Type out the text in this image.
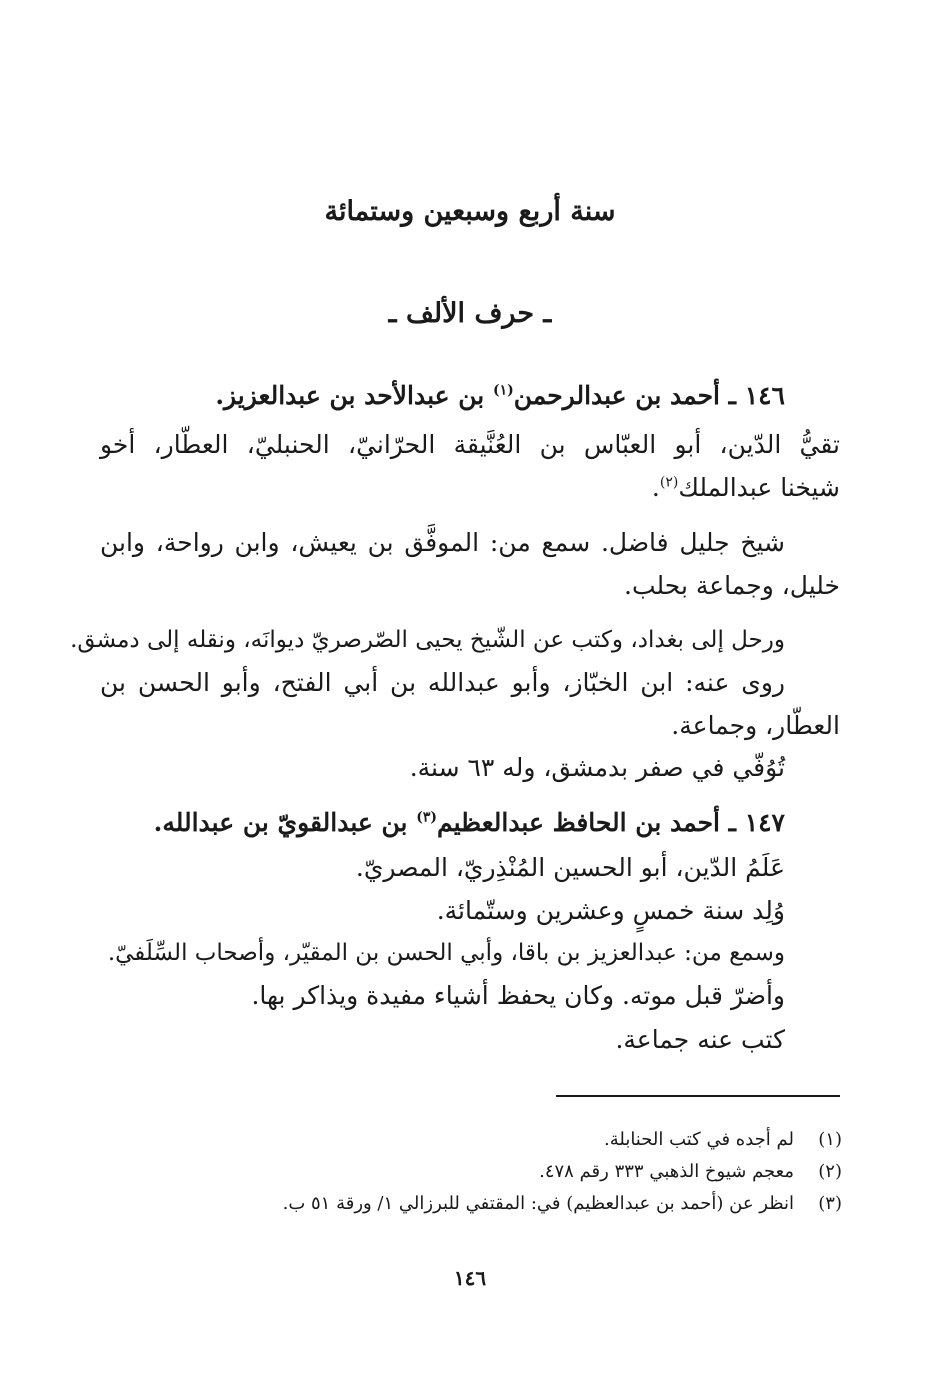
سنة أربع وسبعين وستمائة
ـ حرف الألف ـ
١٤٦ ـ أحمد بن عبدالرحمن$^{(١)}$ بن عبدالأحد بن عبدالعزيز.
تقيُّ الدّين، أبو العبّاس بن العُنَّيقة الحرّانيّ، الحنبليّ، العطّار، أخو
شيخنا عبدالملك$^{(٢)}$.
شيخ جليل فاضل. سمع من: الموفَّق بن يعيش، وابن رواحة، وابن
خليل، وجماعة بحلب.
ورحل إلى بغداد، وكتب عن الشّيخ يحيى الصّرصريّ ديوانَه، ونقله إلى دمشق.
روى عنه: ابن الخبّاز، وأبو عبدالله بن أبي الفتح، وأبو الحسن بن
العطّار، وجماعة.
تُوُفّي في صفر بدمشق، وله ٦٣ سنة.
١٤٧ ـ أحمد بن الحافظ عبدالعظيم$^{(٣)}$ بن عبدالقويّ بن عبدالله.
عَلَمُ الدّين، أبو الحسين المُنْذِريّ، المصريّ.
وُلِد سنة خمسٍ وعشرين وستّمائة.
وسمع من: عبدالعزيز بن باقا، وأبي الحسن بن المقيّر، وأصحاب السِّلَفيّ.
وأضرّ قبل موته. وكان يحفظ أشياء مفيدة ويذاكر بها.
كتب عنه جماعة.
(١)لم أجده في كتب الحنابلة.
(٢)معجم شيوخ الذهبي ٣٣٣ رقم ٤٧٨.
(٣)انظر عن (أحمد بن عبدالعظيم) في: المقتفي للبرزالي ١/ ورقة ٥١ ب.
١٤٦
